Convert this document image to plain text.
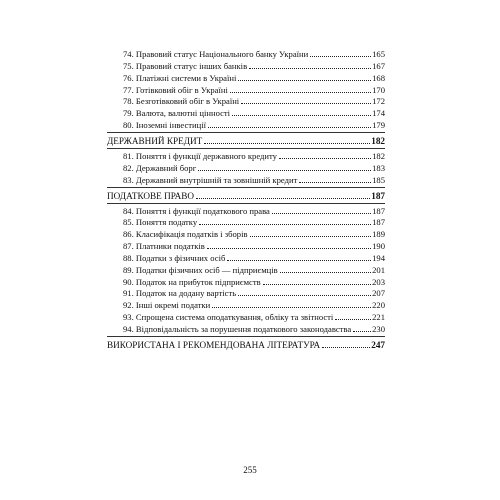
74. Правовий статус Національного банку України	165
75. Правовий статус інших банків	167
76. Платіжні системи в Україні	168
77. Готівковий обіг в Україні	170
78. Безготівковий обіг в Україні	172
79. Валюта, валютні цінності	174
80. Іноземні інвестиції	179
ДЕРЖАВНИЙ КРЕДИТ	182
81. Поняття і функції державного кредиту	182
82. Державний борг	183
83. Державний внутрішній та зовнішній кредит	185
ПОДАТКОВЕ ПРАВО	187
84. Поняття і функції податкового права	187
85. Поняття податку	187
86. Класифікація податків і зборів	189
87. Платники податків	190
88. Податки з фізичних осіб	194
89. Податки фізичних осіб — підприємців	201
90. Податок на прибуток підприємств	203
91. Податок на додану вартість	207
92. Інші окремі податки	220
93. Спрощена система оподаткування, обліку та звітності	221
94. Відповідальність за порушення податкового законодавства 230
ВИКОРИСТАНА І РЕКОМЕНДОВАНА ЛІТЕРАТУРА	247
255
